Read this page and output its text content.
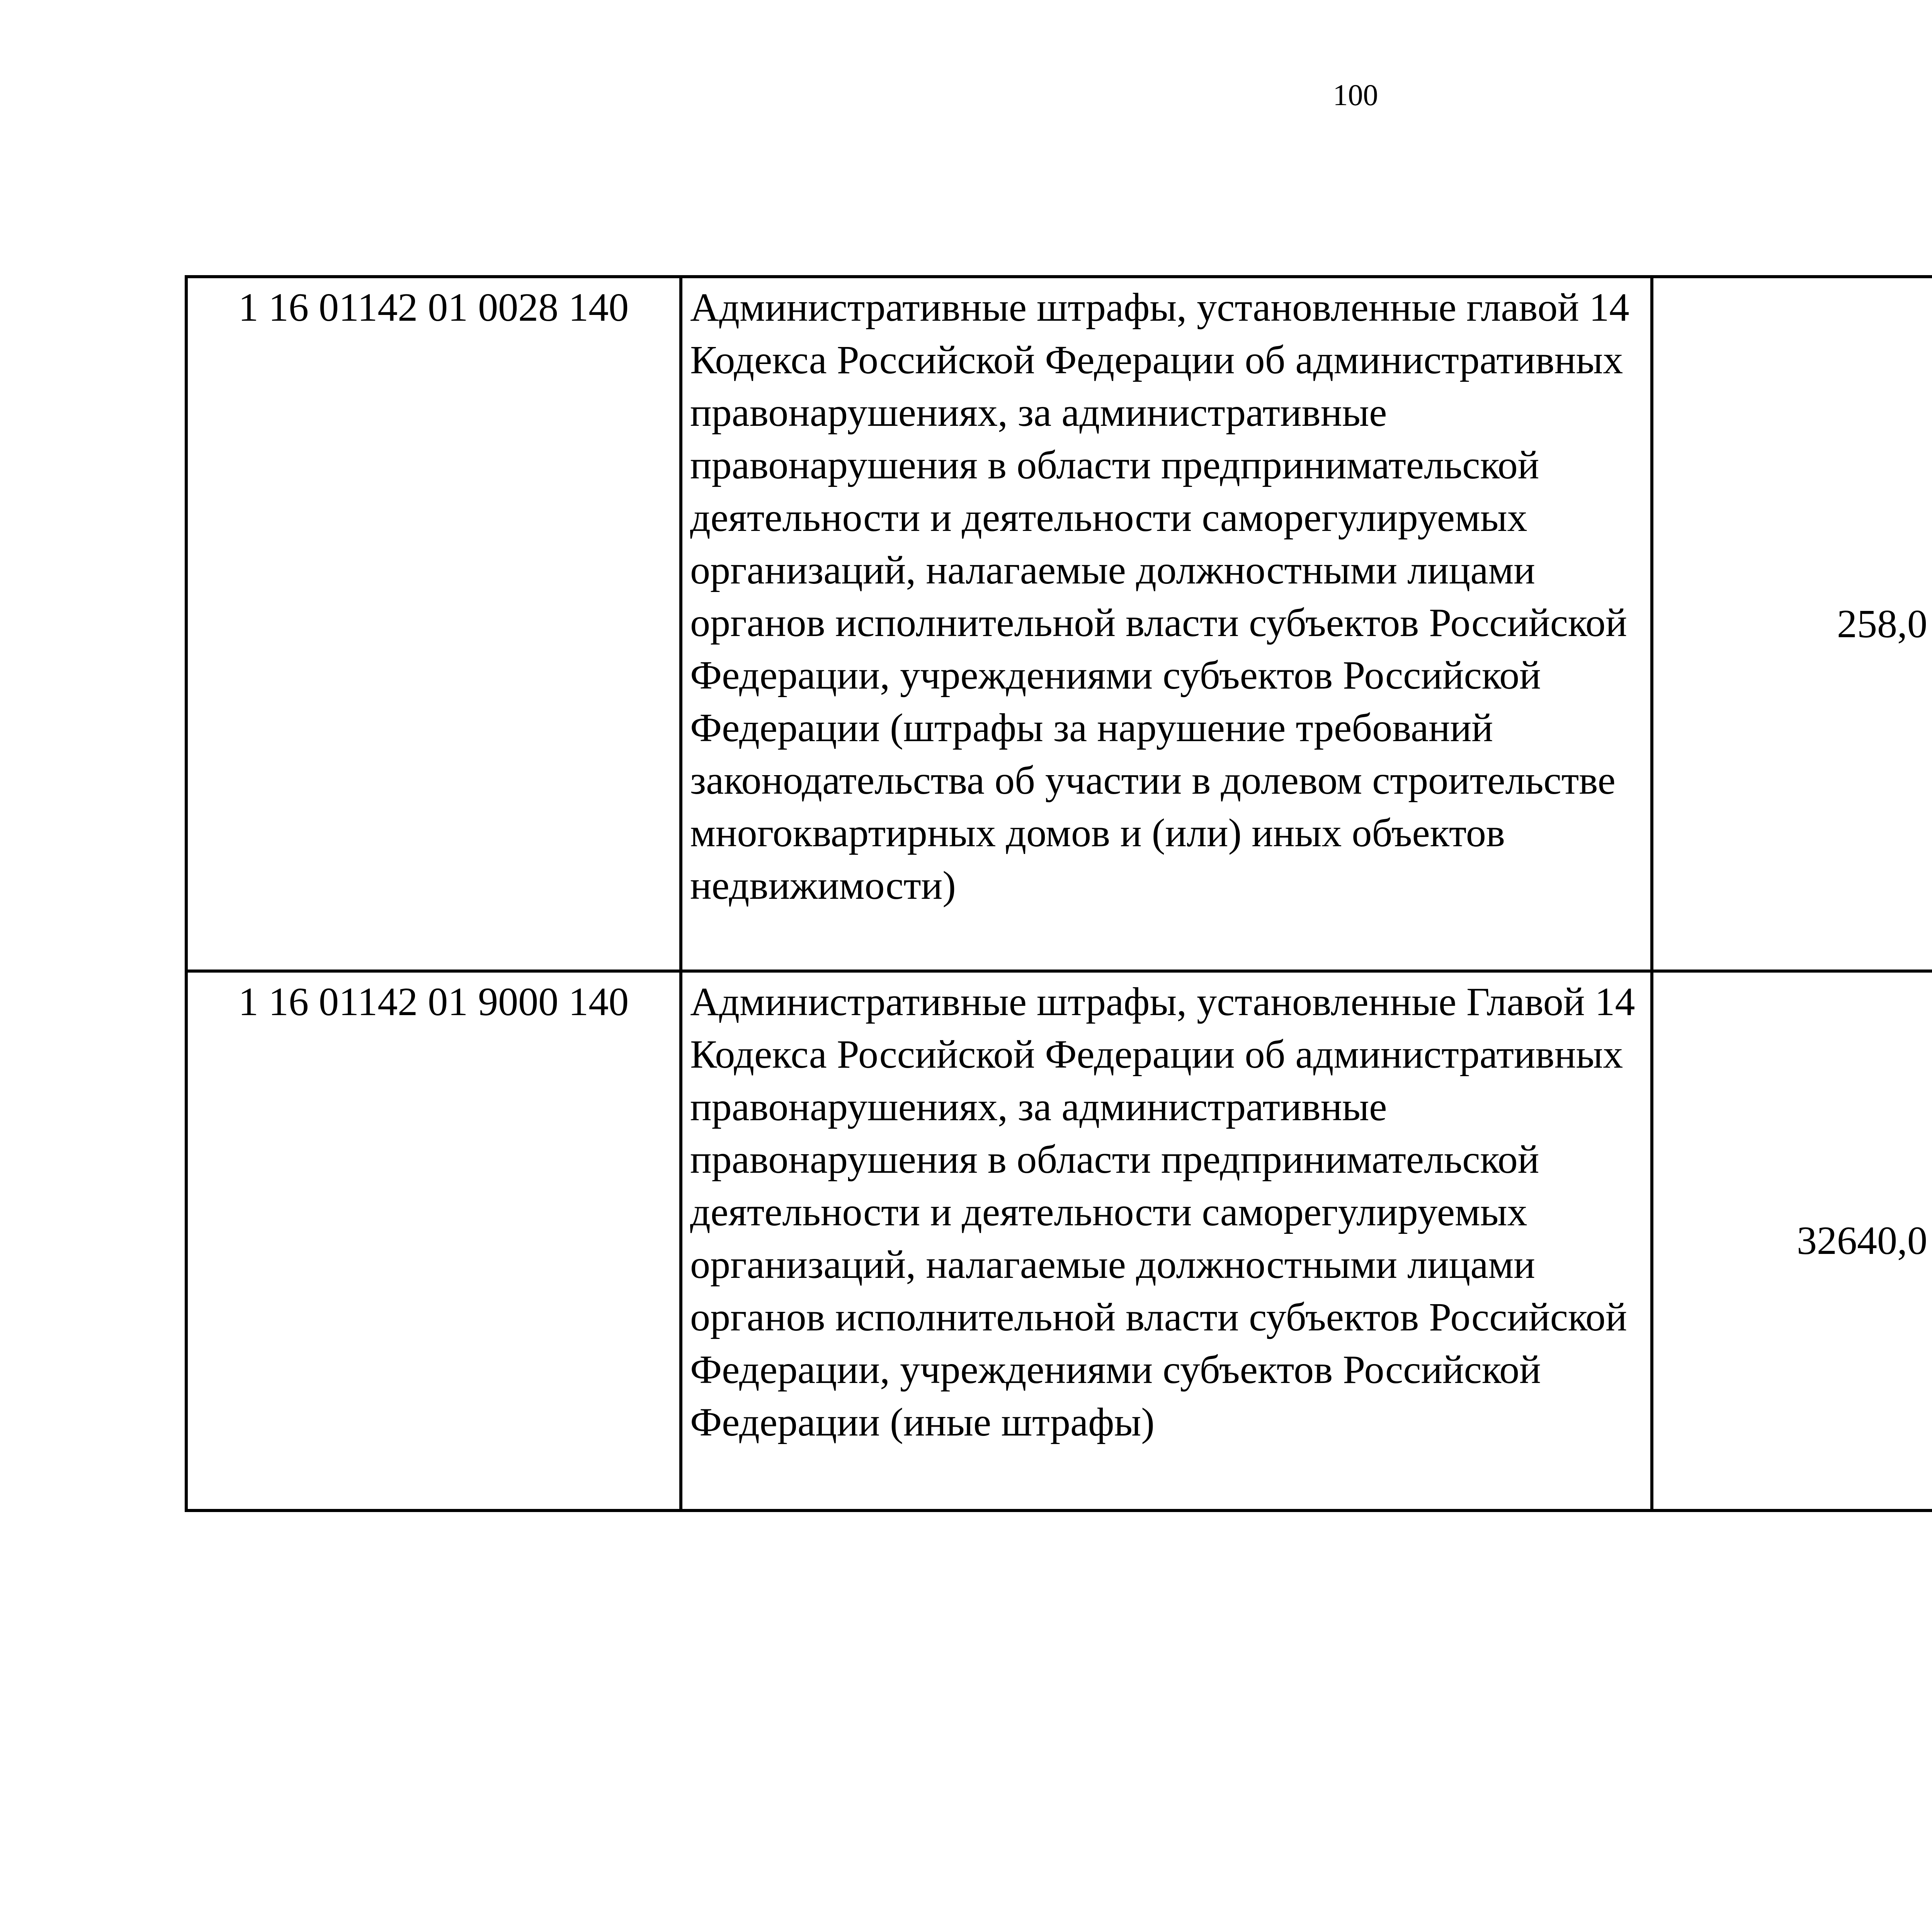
100
1 16 01142 01 0028 140	Административные штрафы, установленные главой 14 Кодекса Российской Федерации об административных правонарушениях, за административные правонарушения в области предпринимательской деятельности и деятельности саморегулируемых организаций, налагаемые должностными лицами органов исполнительной власти субъектов Российской Федерации, учреждениями субъектов Российской Федерации (штрафы за нарушение требований законодательства об участии в долевом строительстве многоквартирных домов и (или) иных объектов недвижимости)	258,0		
1 16 01142 01 9000 140	Административные штрафы, установленные Главой 14 Кодекса Российской Федерации об административных правонарушениях, за административные правонарушения в области предпринимательской деятельности и деятельности саморегулируемых организаций, налагаемые должностными лицами органов исполнительной власти субъектов Российской Федерации, учреждениями субъектов Российской Федерации (иные штрафы)	32640,0		
